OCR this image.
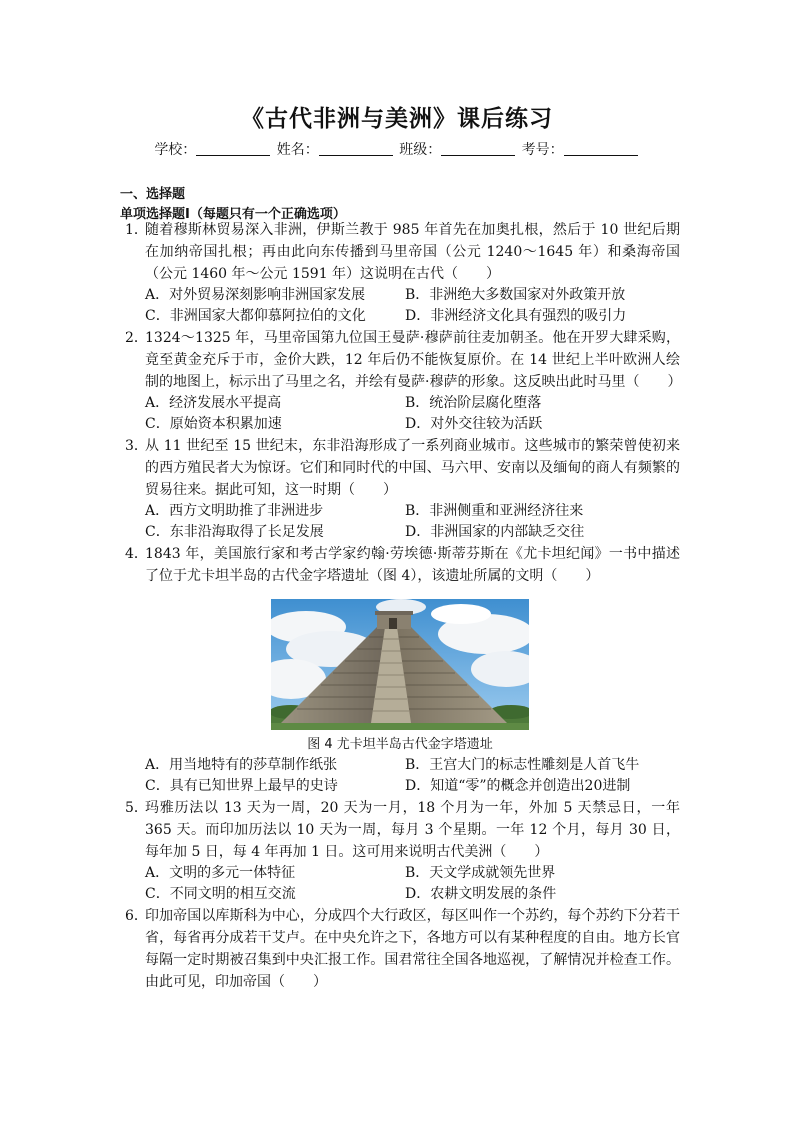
《古代非洲与美洲》课后练习
学校：	姓名：	班级：	考号：
一、选择题
单项选择题Ⅰ（每题只有一个正确选项）
1．
随着穆斯林贸易深入非洲，伊斯兰教于 985 年首先在加奥扎根，然后于 10 世纪后期在加纳帝国扎根；再由此向东传播到马里帝国（公元 1240～1645 年）和桑海帝国（公元 1460 年～公元 1591 年）这说明在古代（　　）
A．对外贸易深刻影响非洲国家发展	B．非洲绝大多数国家对外政策开放
C．非洲国家大都仰慕阿拉伯的文化	D．非洲经济文化具有强烈的吸引力
2．
1324～1325 年，马里帝国第九位国王曼萨·穆萨前往麦加朝圣。他在开罗大肆采购，竟至黄金充斥于市，金价大跌，12 年后仍不能恢复原价。在 14 世纪上半叶欧洲人绘制的地图上，标示出了马里之名，并绘有曼萨·穆萨的形象。这反映出此时马里（　　）
A．经济发展水平提高	B．统治阶层腐化堕落
C．原始资本积累加速	D．对外交往较为活跃
3．
从 11 世纪至 15 世纪末，东非沿海形成了一系列商业城市。这些城市的繁荣曾使初来的西方殖民者大为惊讶。它们和同时代的中国、马六甲、安南以及缅甸的商人有频繁的贸易往来。据此可知，这一时期（　　）
A．西方文明助推了非洲进步	B．非洲侧重和亚洲经济往来
C．东非沿海取得了长足发展	D．非洲国家的内部缺乏交往
4．
1843 年，美国旅行家和考古学家约翰·劳埃德·斯蒂芬斯在《尤卡坦纪闻》一书中描述了位于尤卡坦半岛的古代金字塔遗址（图 4），该遗址所属的文明（　　）
图 4 尤卡坦半岛古代金字塔遗址
A．用当地特有的莎草制作纸张	B．王宫大门的标志性雕刻是人首飞牛
C．具有已知世界上最早的史诗	D．知道“零”的概念并创造出20进制
5．
玛雅历法以 13 天为一周，20 天为一月，18 个月为一年，外加 5 天禁忌日，一年 365 天。而印加历法以 10 天为一周，每月 3 个星期。一年 12 个月，每月 30 日，每年加 5 日，每 4 年再加 1 日。这可用来说明古代美洲（　　）
A．文明的多元一体特征	B．天文学成就领先世界
C．不同文明的相互交流	D．农耕文明发展的条件
6．
印加帝国以库斯科为中心，分成四个大行政区，每区叫作一个苏约，每个苏约下分若干省，每省再分成若干艾卢。在中央允许之下，各地方可以有某种程度的自由。地方长官每隔一定时期被召集到中央汇报工作。国君常往全国各地巡视，了解情况并检查工作。由此可见，印加帝国（　　）
